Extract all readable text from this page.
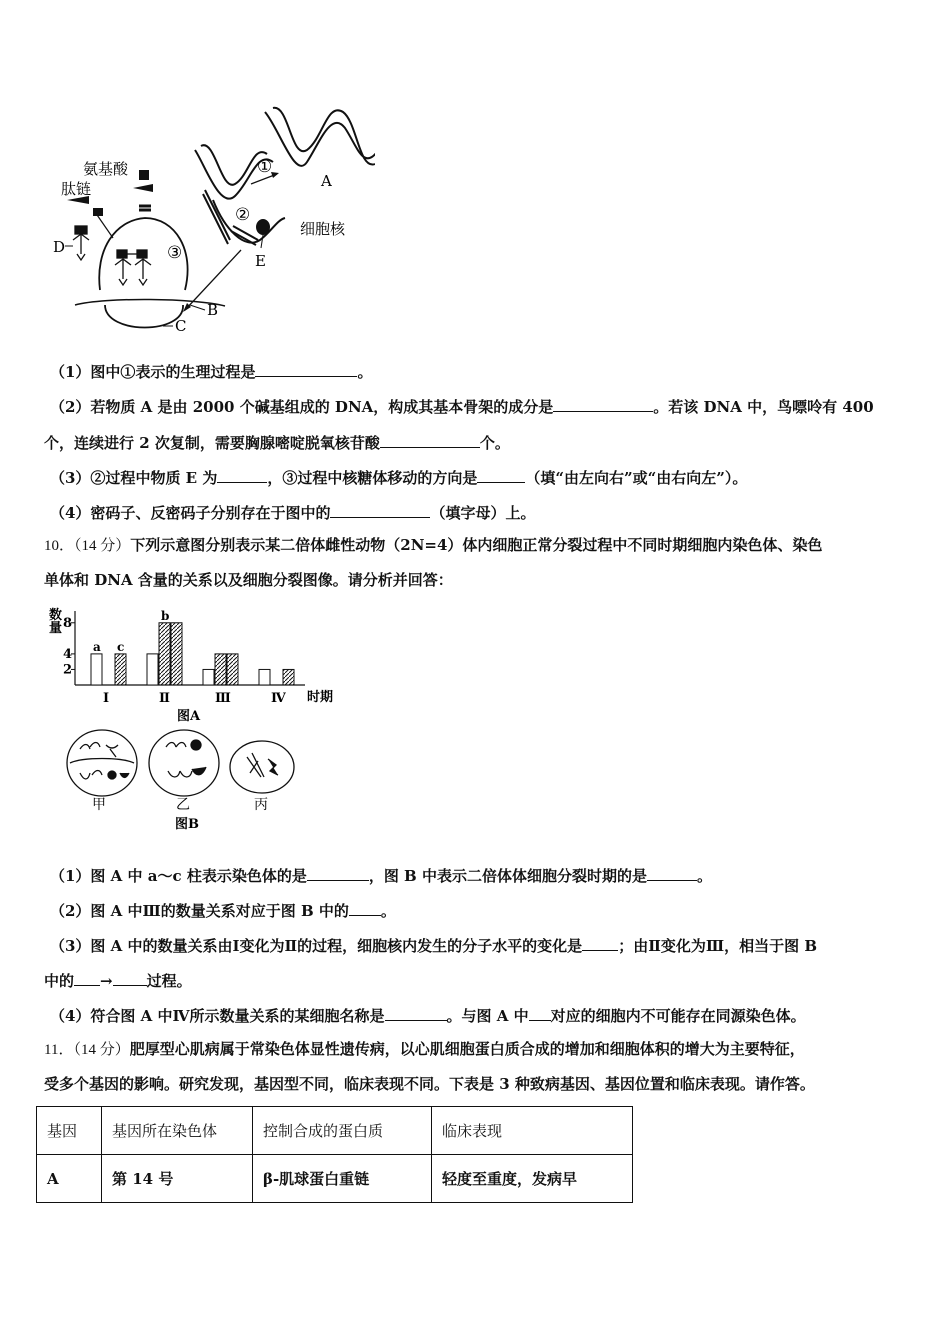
氨基酸
肽链
D
B
C
E
A
细胞核
①
②
③
（1）图中①表示的生理过程是	。
（2）若物质 A 是由 2000 个碱基组成的 DNA，构成其基本骨架的成分是	。若该 DNA 中，鸟嘌呤有 400
个，连续进行 2 次复制，需要胸腺嘧啶脱氧核苷酸	个。
（3）②过程中物质 E 为	，③过程中核糖体移动的方向是	（填“由左向右”或“由右向左”）。
（4）密码子、反密码子分别存在于图中的	（填字母）上。
10．（14 分）下列示意图分别表示某二倍体雌性动物（2N=4）体内细胞正常分裂过程中不同时期细胞内染色体、染色
单体和 DNA 含量的关系以及细胞分裂图像。请分析并回答：
数
量
2
4
8
a c
b
Ⅰ	Ⅱ	Ⅲ	Ⅳ 时期
图A
甲	乙	丙
图B
（1）图 A 中 a～c 柱表示染色体的是	，图 B 中表示二倍体体细胞分裂时期的是	。
（2）图 A 中Ⅲ的数量关系对应于图 B 中的 。
（3）图 A 中的数量关系由Ⅰ变化为Ⅱ的过程，细胞核内发生的分子水平的变化是 ；由Ⅱ变化为Ⅲ，相当于图 B
中的 → 过程。
（4）符合图 A 中Ⅳ所示数量关系的某细胞名称是	。与图 A 中 对应的细胞内不可能存在同源染色体。
11．（14 分）肥厚型心肌病属于常染色体显性遗传病，以心肌细胞蛋白质合成的增加和细胞体积的增大为主要特征，
受多个基因的影响。研究发现，基因型不同，临床表现不同。下表是 3 种致病基因、基因位置和临床表现。请作答。
基因	基因所在染色体	控制合成的蛋白质	临床表现
A	第 14 号	β-肌球蛋白重链	轻度至重度，发病早
